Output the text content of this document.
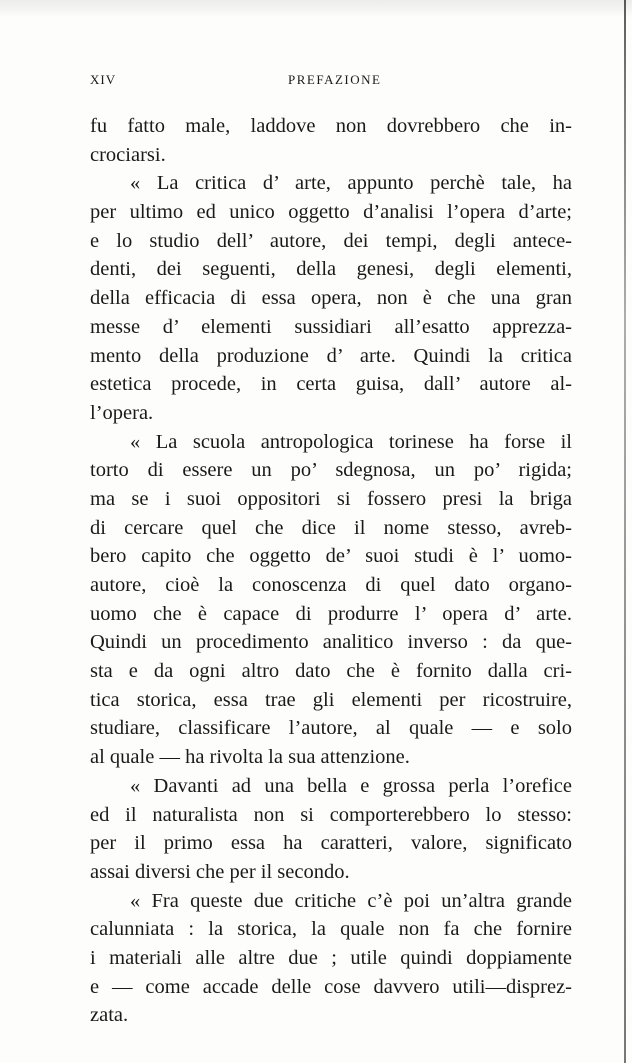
XIV	PREFAZIONE
fu fatto male, laddove non dovrebbero che in-
crociarsi.
« La critica d’ arte, appunto perchè tale, ha
per ultimo ed unico oggetto d’analisi l’opera d’arte;
e lo studio dell’ autore, dei tempi, degli antece-
denti, dei seguenti, della genesi, degli elementi,
della efficacia di essa opera, non è che una gran
messe d’ elementi sussidiari all’esatto apprezza-
mento della produzione d’ arte. Quindi la critica
estetica procede, in certa guisa, dall’ autore al-
l’opera.
« La scuola antropologica torinese ha forse il
torto di essere un po’ sdegnosa, un po’ rigida;
ma se i suoi oppositori si fossero presi la briga
di cercare quel che dice il nome stesso, avreb-
bero capito che oggetto de’ suoi studi è l’ uomo-
autore, cioè la conoscenza di quel dato organo-
uomo che è capace di produrre l’ opera d’ arte.
Quindi un procedimento analitico inverso : da que-
sta e da ogni altro dato che è fornito dalla cri-
tica storica, essa trae gli elementi per ricostruire,
studiare, classificare l’autore, al quale — e solo
al quale — ha rivolta la sua attenzione.
« Davanti ad una bella e grossa perla l’orefice
ed il naturalista non si comporterebbero lo stesso:
per il primo essa ha caratteri, valore, significato
assai diversi che per il secondo.
« Fra queste due critiche c’è poi un’altra grande
calunniata : la storica, la quale non fa che fornire
i materiali alle altre due ; utile quindi doppiamente
e — come accade delle cose davvero utili—disprez-
zata.
